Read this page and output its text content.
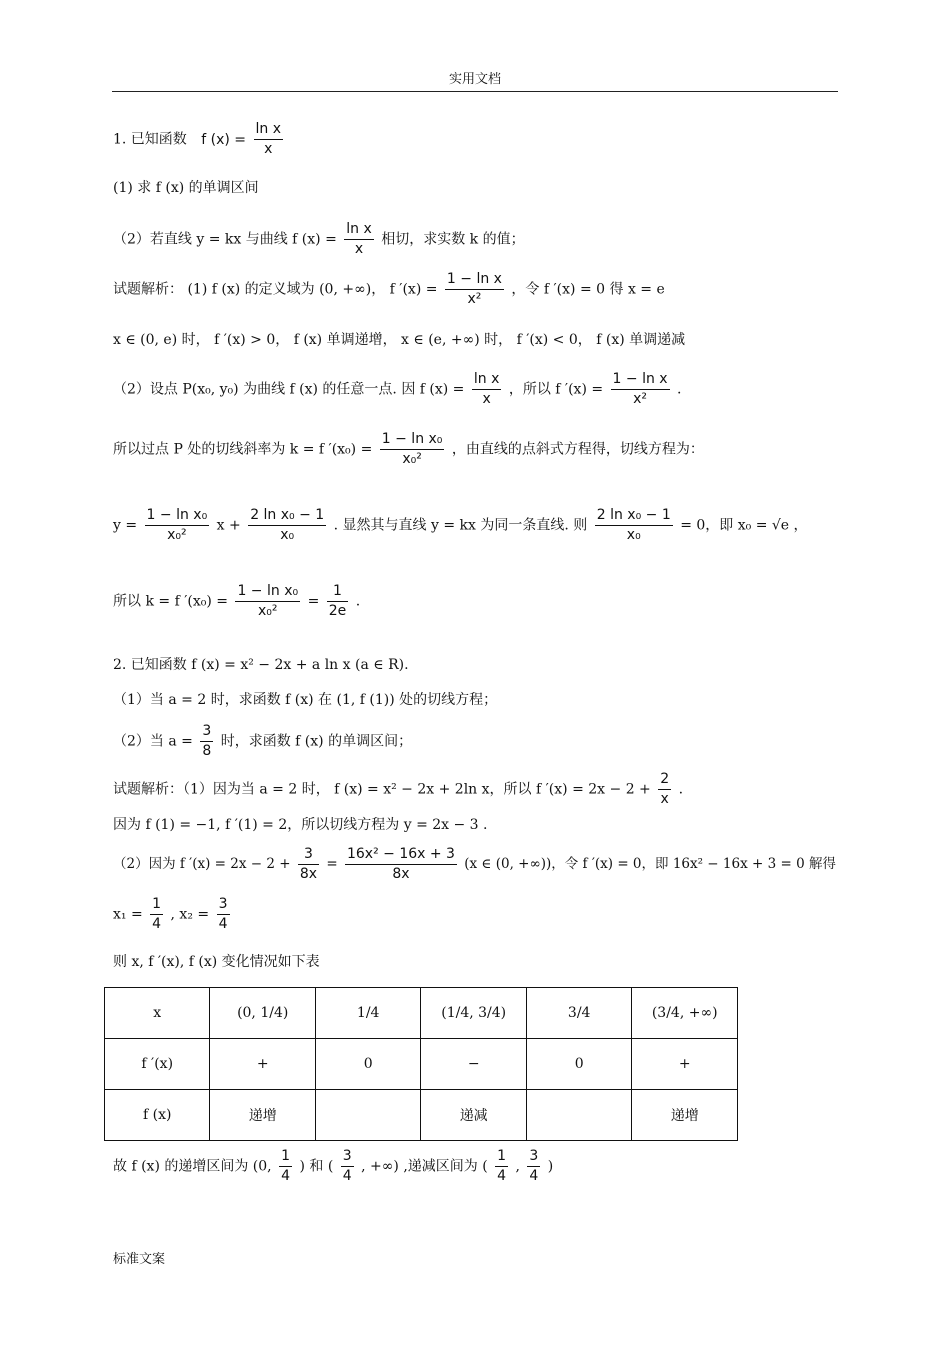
实用文档
1. 已知函数 f $(x) = \frac{\text{ln x}}{x}$
(1) 求 f (x) 的单调区间
（2）若直线 y = kx 与曲线 f $(x) = \frac{\text{ln x}}{x}$ 相切，求实数 k 的值；
试题解析： (1) f (x) 的定义域为 (0, +∞)， f $'(x) = \frac{\text{1 − ln x}}{\text{x²}}$ ，令 f ′(x) = 0 得 x = e
x ∈ (0, e) 时， f ′(x) > 0， f (x) 单调递增， x ∈ (e, +∞) 时， f ′(x) < 0， f (x) 单调递减
（2）设点 P(x₀, y₀) 为曲线 f (x) 的任意一点. 因 f $(x) = \frac{\text{ln x}}{x}$ ，所以 f $'(x) = \frac{\text{1 − ln x}}{\text{x²}}$ .
所以过点 P 处的切线斜率为 k = f $'(x_0) = \frac{\text{1 − ln x₀}}{\text{x₀²}}$ ，由直线的点斜式方程得，切线方程为：
$y = \frac{\text{1 − ln x₀}}{\text{x₀²}}$ $x + \frac{\text{2 ln x₀ − 1}}{\text{x₀}}$ . 显然其与直线 y = kx 为同一条直线. 则 $\frac{\text{2 ln x₀ − 1}}{\text{x₀}} = 0$，即 x₀ = √e ，
所以 k = f $'(x_0) = \frac{\text{1 − ln x₀}}{\text{x₀²}} = \frac{1}{2e}$ .
2. 已知函数 f (x) = x² − 2x + a ln x (a ∈ R).
（1）当 a = 2 时，求函数 f (x) 在 (1, f (1)) 处的切线方程；
（2）当 $a = \frac{3}{8}$ 时，求函数 f (x) 的单调区间；
试题解析：（1）因为当 a = 2 时， f (x) = x² − 2x + 2ln x，所以 f $'(x) = 2x - 2 + \frac{2}{x}$ .
因为 f (1) = −1, f ′(1) = 2，所以切线方程为 y = 2x − 3 .
（2）因为 f $'(x) = 2x - 2 + \frac{3}{8x} = \frac{\text{16x² − 16x + 3}}{8x} (x$ ∈ (0, +∞))，令 f ′(x) = 0，即 16x² − 16x + 3 = 0 解得
$x_1 = \frac{1}{4}$ , $x_2 = \frac{3}{4}$
则 x, f ′(x), f (x) 变化情况如下表
x	(0, 1/4)	1/4	(1/4, 3/4)	3/4	(3/4, +∞)
f ′(x)	+	0	−	0	+
f (x)	递增		递减		递增
故 f (x) 的递增区间为 (0, $\frac{1}{4}$ ) 和 ( $\frac{3}{4}$ , +∞) ,递减区间为 ( $\frac{1}{4}$ , $\frac{3}{4}$ )
标准文案
